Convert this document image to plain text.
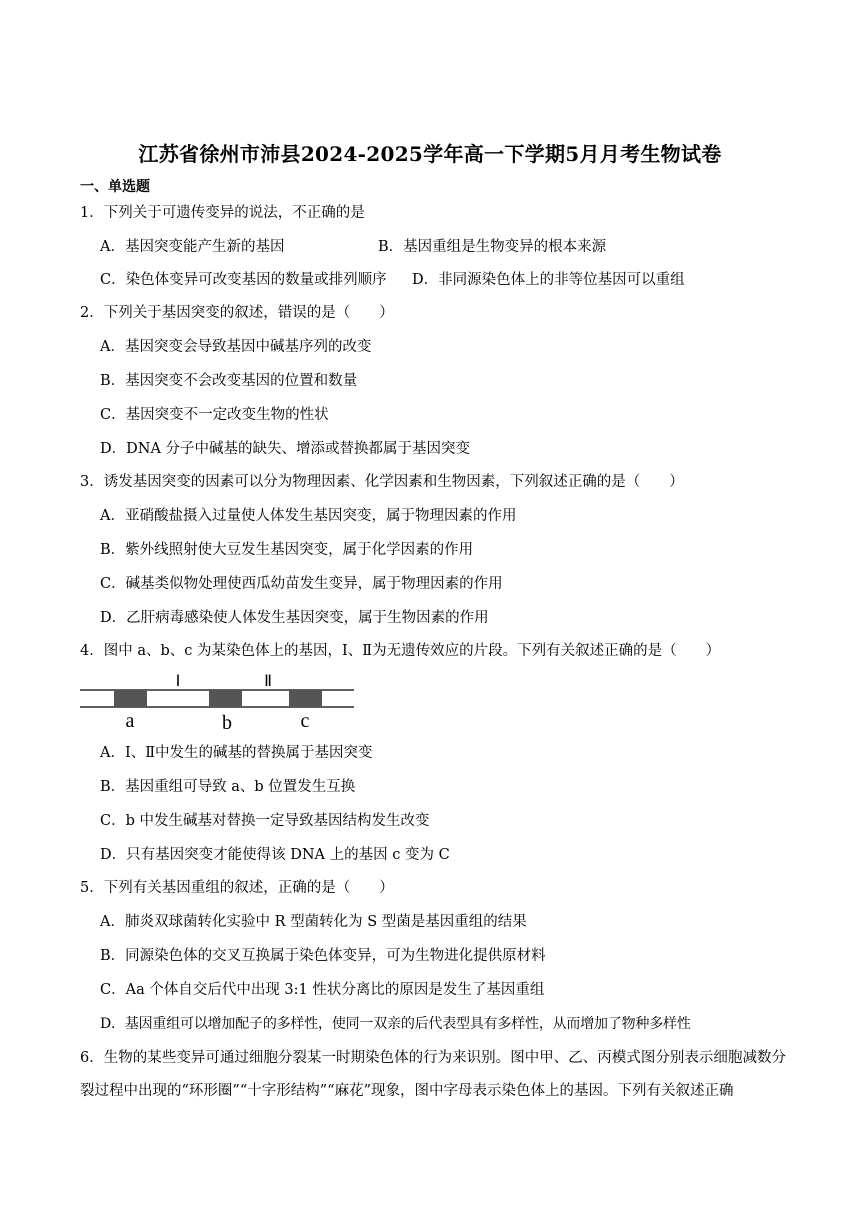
江苏省徐州市沛县2024-2025学年高一下学期5月月考生物试卷
一、单选题
1．下列关于可遗传变异的说法，不正确的是
A．基因突变能产生新的基因	B．基因重组是生物变异的根本来源
C．染色体变异可改变基因的数量或排列顺序 D．非同源染色体上的非等位基因可以重组
2．下列关于基因突变的叙述，错误的是（　　）
A．基因突变会导致基因中碱基序列的改变
B．基因突变不会改变基因的位置和数量
C．基因突变不一定改变生物的性状
D．DNA 分子中碱基的缺失、增添或替换都属于基因突变
3．诱发基因突变的因素可以分为物理因素、化学因素和生物因素，下列叙述正确的是（　　）
A．亚硝酸盐摄入过量使人体发生基因突变，属于物理因素的作用
B．紫外线照射使大豆发生基因突变，属于化学因素的作用
C．碱基类似物处理使西瓜幼苗发生变异，属于物理因素的作用
D．乙肝病毒感染使人体发生基因突变，属于生物因素的作用
4．图中 a、b、c 为某染色体上的基因，Ⅰ、Ⅱ为无遗传效应的片段。下列有关叙述正确的是（　　）
Ⅰ	Ⅱ
a	b	c
A．Ⅰ、Ⅱ中发生的碱基的替换属于基因突变
B．基因重组可导致 a、b 位置发生互换
C．b 中发生碱基对替换一定导致基因结构发生改变
D．只有基因突变才能使得该 DNA 上的基因 c 变为 C
5．下列有关基因重组的叙述，正确的是（　　）
A．肺炎双球菌转化实验中 R 型菌转化为 S 型菌是基因重组的结果
B．同源染色体的交叉互换属于染色体变异，可为生物进化提供原材料
C．Aa 个体自交后代中出现 3:1 性状分离比的原因是发生了基因重组
D．基因重组可以增加配子的多样性，使同一双亲的后代表型具有多样性，从而增加了物种多样性
6．生物的某些变异可通过细胞分裂某一时期染色体的行为来识别。图中甲、乙、丙模式图分别表示细胞减数分裂过程中出现的“环形圈”“十字形结构”“麻花”现象，图中字母表示染色体上的基因。下列有关叙述正确
